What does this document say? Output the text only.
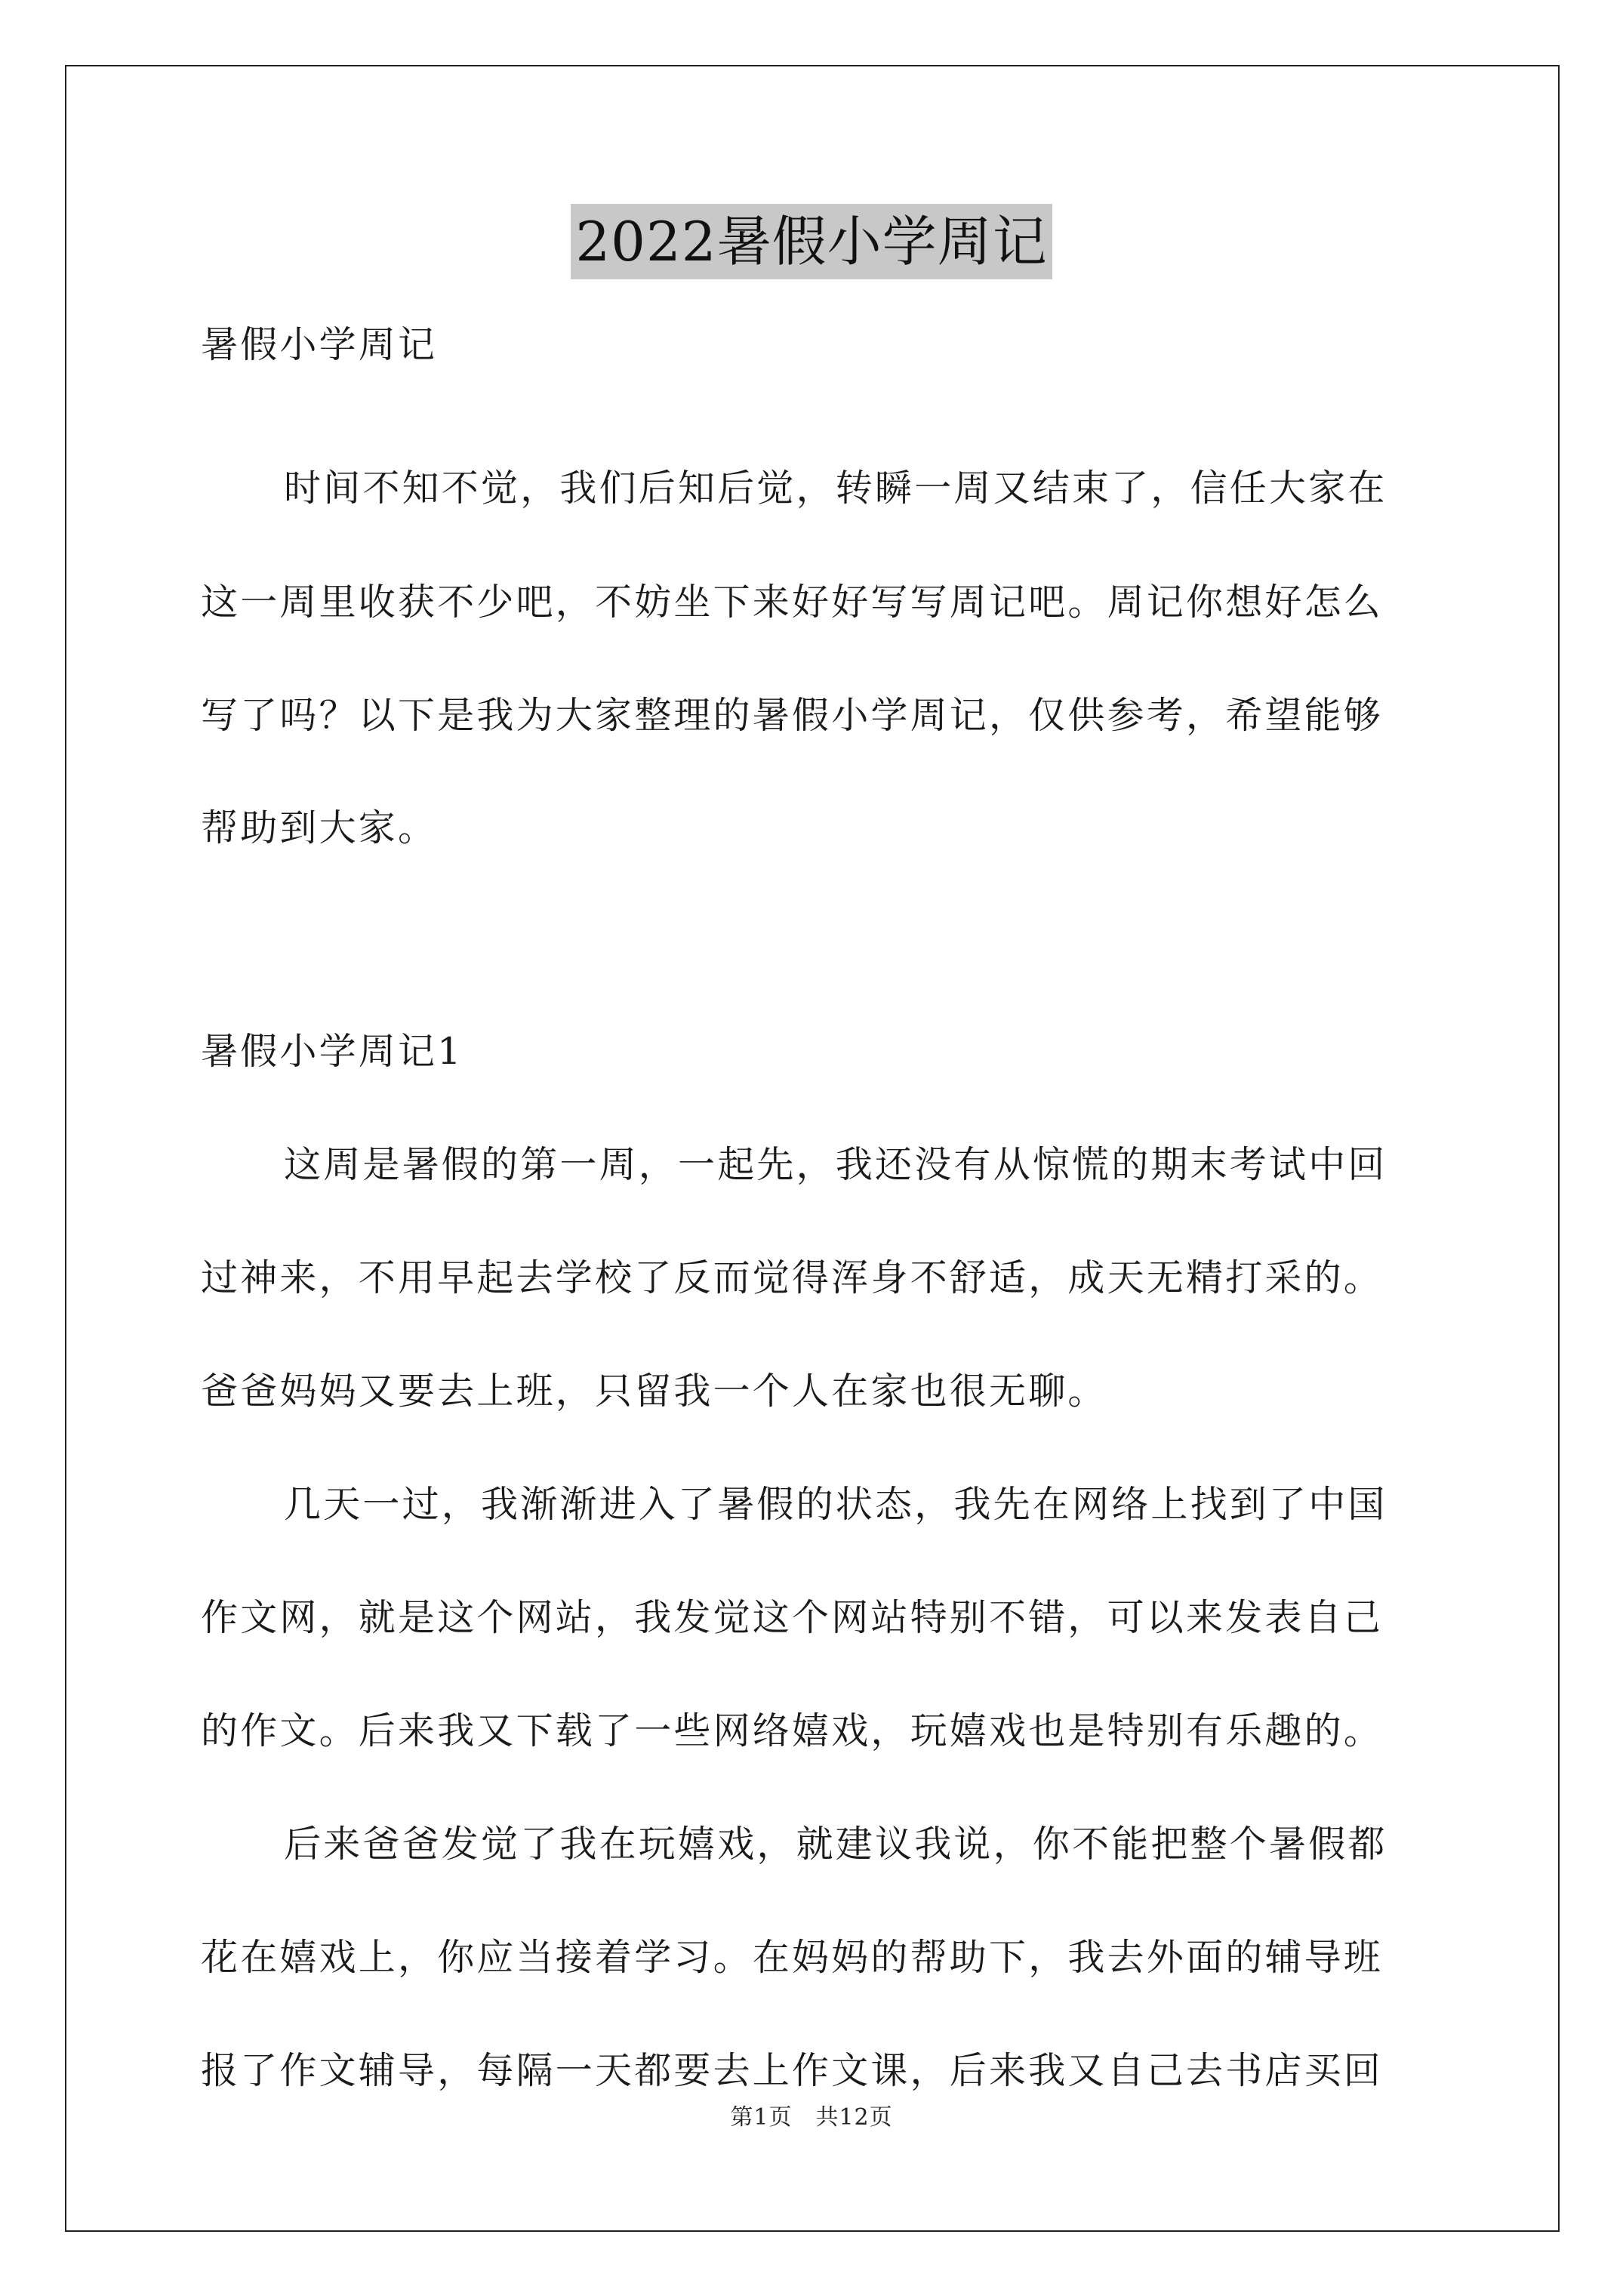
2022暑假小学周记
暑假小学周记
时间不知不觉，我们后知后觉，转瞬一周又结束了，信任大家在
这一周里收获不少吧，不妨坐下来好好写写周记吧。周记你想好怎么
写了吗？以下是我为大家整理的暑假小学周记，仅供参考，希望能够
帮助到大家。
暑假小学周记1
这周是暑假的第一周，一起先，我还没有从惊慌的期末考试中回
过神来，不用早起去学校了反而觉得浑身不舒适，成天无精打采的。
爸爸妈妈又要去上班，只留我一个人在家也很无聊。
几天一过，我渐渐进入了暑假的状态，我先在网络上找到了中国
作文网，就是这个网站，我发觉这个网站特别不错，可以来发表自己
的作文。后来我又下载了一些网络嬉戏，玩嬉戏也是特别有乐趣的。
后来爸爸发觉了我在玩嬉戏，就建议我说，你不能把整个暑假都
花在嬉戏上，你应当接着学习。在妈妈的帮助下，我去外面的辅导班
报了作文辅导，每隔一天都要去上作文课，后来我又自己去书店买回
第1页　共12页
